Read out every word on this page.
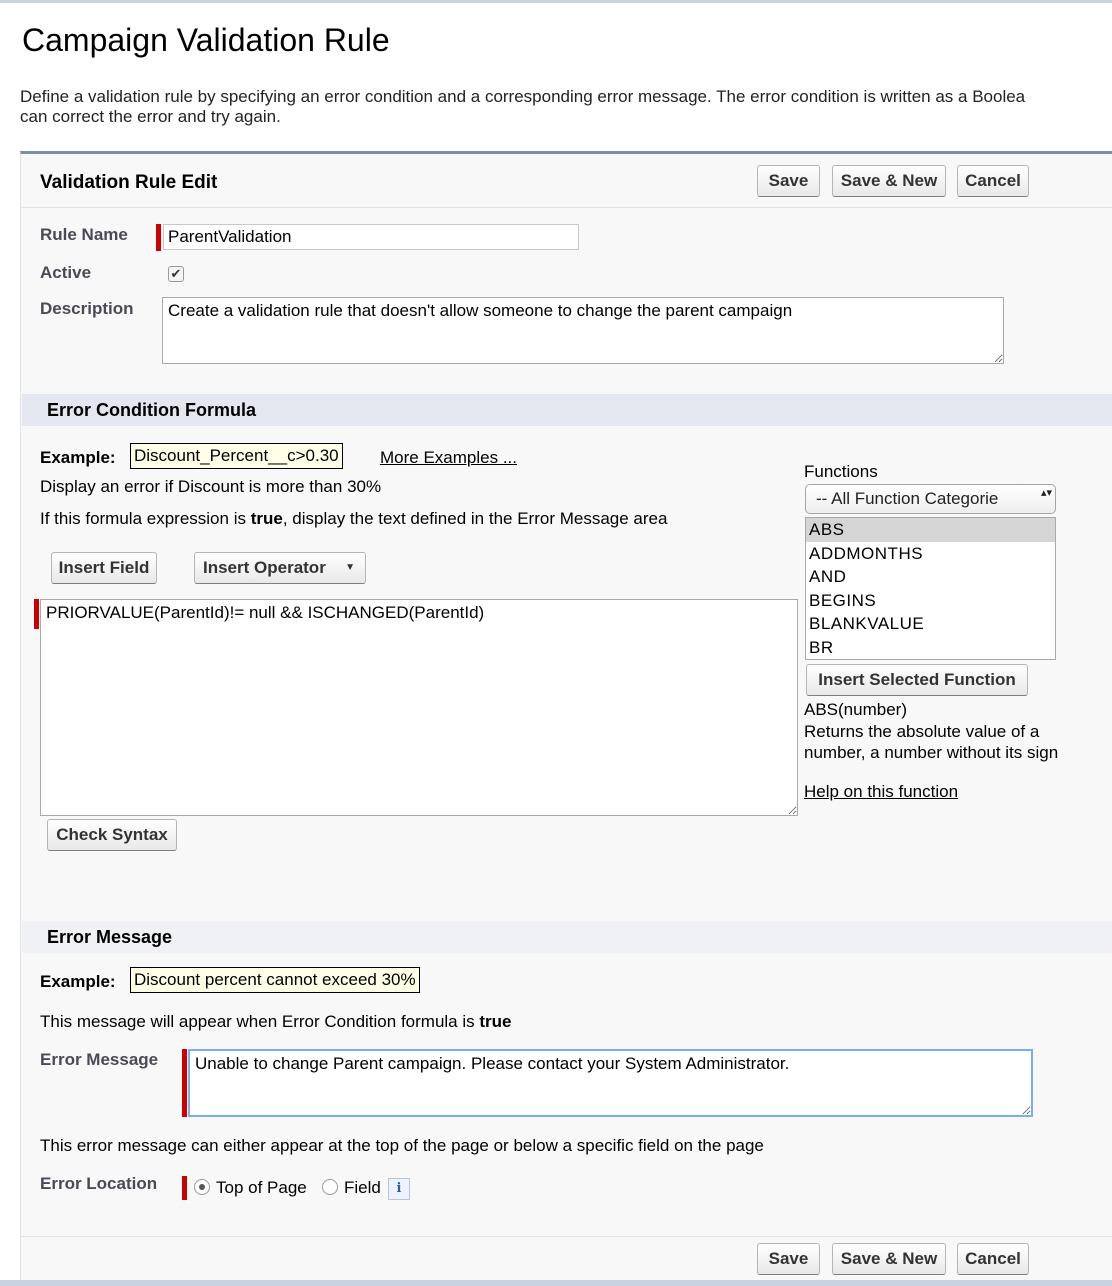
Campaign Validation Rule
Define a validation rule by specifying an error condition and a corresponding error message. The error condition is written as a Boolea
can correct the error and try again.
Validation Rule Edit	Save	Save & New	Cancel
Rule Name
ParentValidation
Active	✔
Description
Create a validation rule that doesn't allow someone to change the parent campaign
Error Condition Formula
Example: Discount_Percent__c>0.30 More Examples ...
Display an error if Discount is more than 30%
If this formula expression is true, display the text defined in the Error Message area
Insert Field	Insert Operator ▼
PRIORVALUE(ParentId)!= null && ISCHANGED(ParentId)
Check Syntax
Functions
-- All Function Categorie	▴▾
ABS
ADDMONTHS
AND
BEGINS
BLANKVALUE
BR
Insert Selected Function
ABS(number)
Returns the absolute value of a
number, a number without its sign
Help on this function
Error Message
Example: Discount percent cannot exceed 30%
This message will appear when Error Condition formula is true
Error Message
Unable to change Parent campaign. Please contact your System Administrator.
This error message can either appear at the top of the page or below a specific field on the page
Error Location	Top of Page Field	i
Save	Save & New	Cancel
